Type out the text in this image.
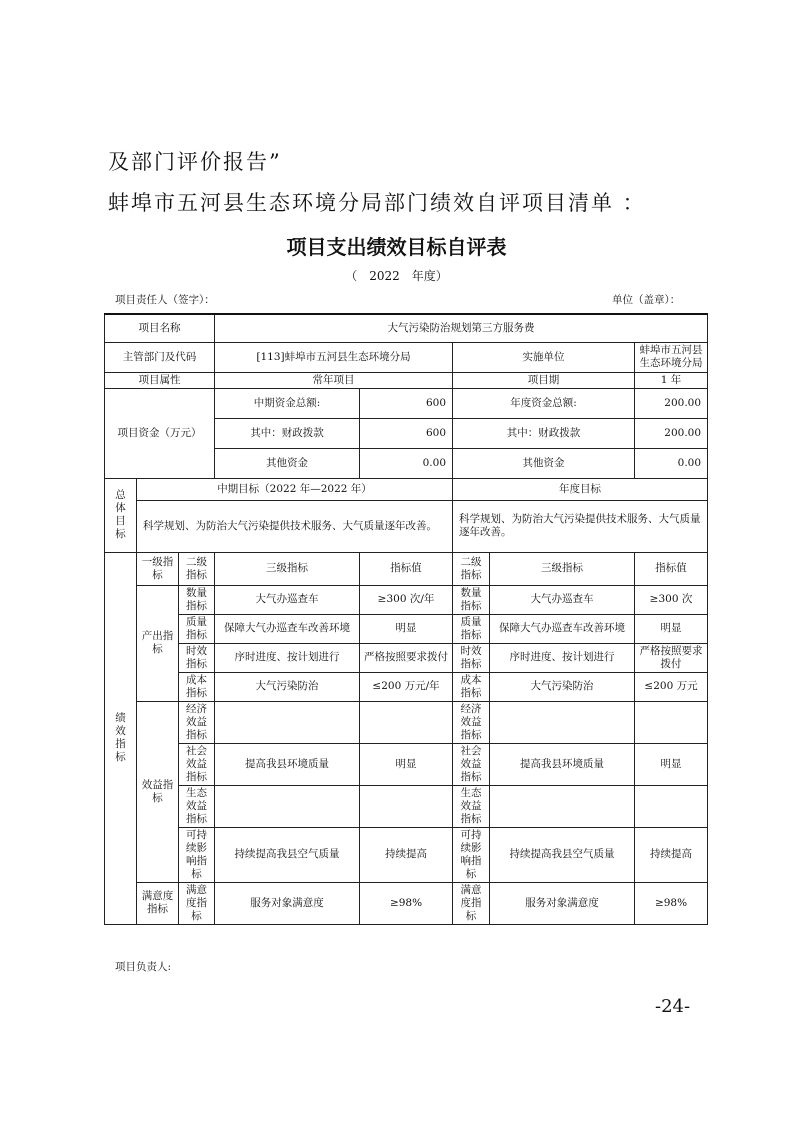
及部门评价报告”
蚌埠市五河县生态环境分局部门绩效自评项目清单 ：
项目支出绩效目标自评表
（　2022　年度）
项目责任人（签字）：	单位（盖章）：
项目名称			大气污染防治规划第三方服务费				
主管部门及代码			[113]蚌埠市五河县生态环境分局		实施单位		蚌埠市五河县生态环境分局
项目属性			常年项目		项目期		1 年
项目资金（万元）			中期资金总额:	600	年度资金总额:		200.00
			其中：财政拨款	600	其中：财政拨款		200.00
			其他资金	0.00	其他资金		0.00
总
体
目
标	中期目标（2022 年—2022 年）				年度目标		
	科学规划、为防治大气污染提供技术服务、大气质量逐年改善。				科学规划、为防治大气污染提供技术服务、大气质量逐年改善。		
绩
效
指
标	一级指标	二级指标	三级指标	指标值	二级指标	三级指标	指标值
	产出指标	数量指标	大气办巡查车	≥300 次/年	数量指标	大气办巡查车	≥300 次
		质量指标	保障大气办巡查车改善环境	明显	质量指标	保障大气办巡查车改善环境	明显
		时效指标	序时进度、按计划进行	严格按照要求拨付	时效指标	序时进度、按计划进行	严格按照要求拨付
		成本指标	大气污染防治	≤200 万元/年	成本指标	大气污染防治	≤200 万元
	效益指标	经济效益指标			经济效益指标		
		社会效益指标	提高我县环境质量	明显	社会效益指标	提高我县环境质量	明显
		生态效益指标			生态效益指标		
		可持续影响指标	持续提高我县空气质量	持续提高	可持续影响指标	持续提高我县空气质量	持续提高
	满意度指标	满意度指标	服务对象满意度	≥98%	满意度指标	服务对象满意度	≥98%
项目负责人:
-24-
